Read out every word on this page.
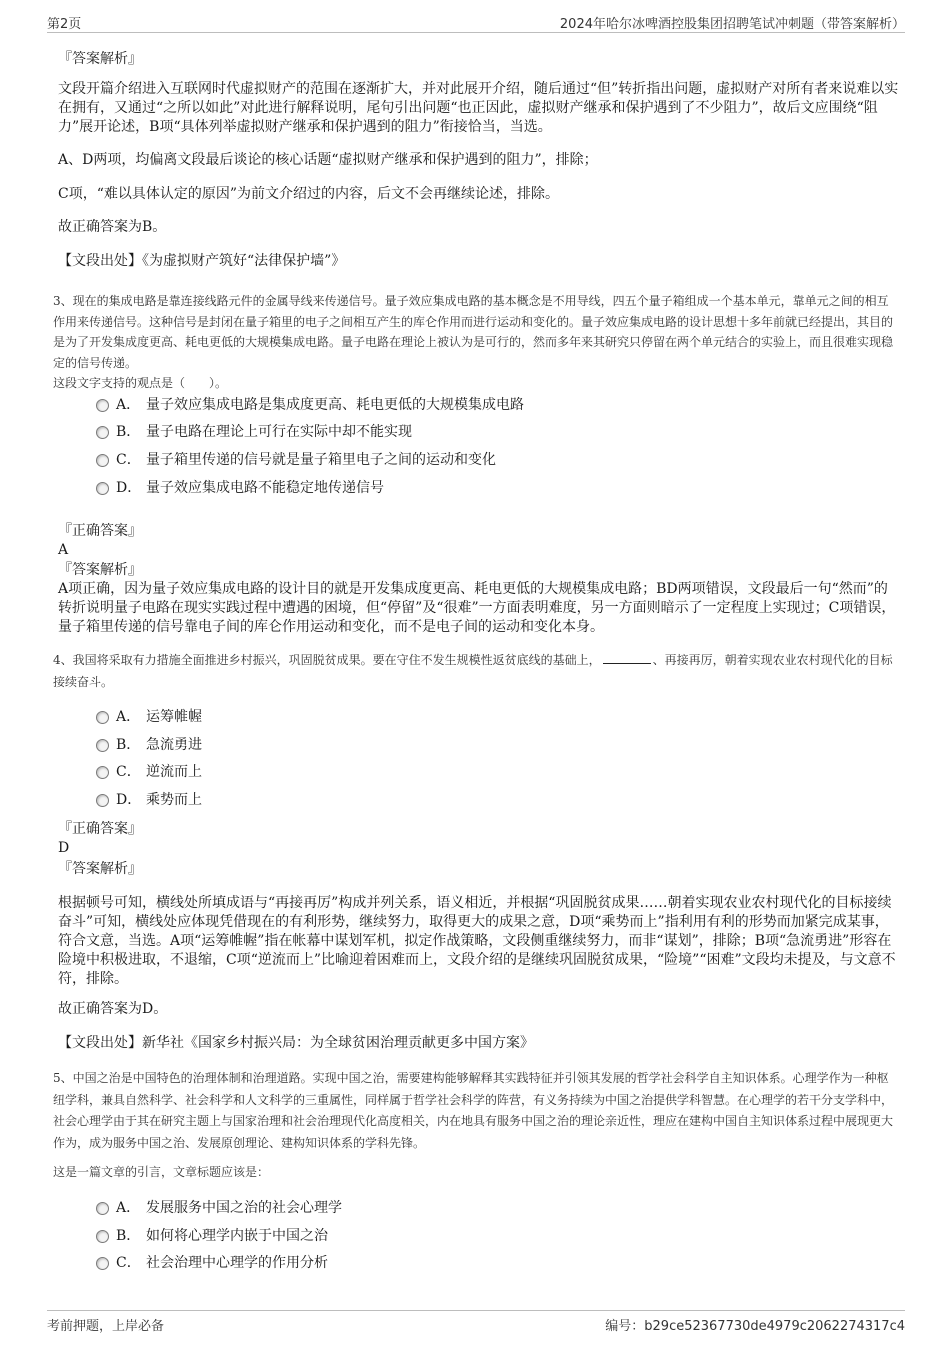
第2页	2024年哈尔冰啤酒控股集团招聘笔试冲刺题（带答案解析）
『答案解析』
文段开篇介绍进入互联网时代虚拟财产的范围在逐渐扩大，并对此展开介绍，随后通过“但”转折指出问题，虚拟财产对所有者来说难以实在拥有，又通过“之所以如此”对此进行解释说明，尾句引出问题“也正因此，虚拟财产继承和保护遇到了不少阻力”，故后文应围绕“阻力”展开论述，B项“具体列举虚拟财产继承和保护遇到的阻力”衔接恰当，当选。
A、D两项，均偏离文段最后谈论的核心话题“虚拟财产继承和保护遇到的阻力”，排除；
C项，“难以具体认定的原因”为前文介绍过的内容，后文不会再继续论述，排除。
故正确答案为B。
【文段出处】《为虚拟财产筑好“法律保护墙”》
3、现在的集成电路是靠连接线路元件的金属导线来传递信号。量子效应集成电路的基本概念是不用导线，四五个量子箱组成一个基本单元，靠单元之间的相互作用来传递信号。这种信号是封闭在量子箱里的电子之间相互产生的库仑作用而进行运动和变化的。量子效应集成电路的设计思想十多年前就已经提出，其目的是为了开发集成度更高、耗电更低的大规模集成电路。量子电路在理论上被认为是可行的，然而多年来其研究只停留在两个单元结合的实验上，而且很难实现稳定的信号传递。
这段文字支持的观点是（　　）。
A． 量子效应集成电路是集成度更高、耗电更低的大规模集成电路
B． 量子电路在理论上可行在实际中却不能实现
C． 量子箱里传递的信号就是量子箱里电子之间的运动和变化
D． 量子效应集成电路不能稳定地传递信号
『正确答案』
A
『答案解析』
A项正确，因为量子效应集成电路的设计目的就是开发集成度更高、耗电更低的大规模集成电路；BD两项错误，文段最后一句“然而”的转折说明量子电路在现实实践过程中遭遇的困境，但“停留”及“很难”一方面表明难度，另一方面则暗示了一定程度上实现过；C项错误，量子箱里传递的信号靠电子间的库仑作用运动和变化，而不是电子间的运动和变化本身。
4、我国将采取有力措施全面推进乡村振兴，巩固脱贫成果。要在守住不发生规模性返贫底线的基础上，	、再接再厉，朝着实现农业农村现代化的目标接续奋斗。
A． 运筹帷幄
B． 急流勇进
C． 逆流而上
D． 乘势而上
『正确答案』
D
『答案解析』
根据顿号可知，横线处所填成语与“再接再厉”构成并列关系，语义相近，并根据“巩固脱贫成果……朝着实现农业农村现代化的目标接续奋斗”可知，横线处应体现凭借现在的有利形势，继续努力，取得更大的成果之意，D项“乘势而上”指利用有利的形势而加紧完成某事，符合文意，当选。A项“运筹帷幄”指在帐幕中谋划军机，拟定作战策略，文段侧重继续努力，而非“谋划”，排除；B项“急流勇进”形容在险境中积极进取，不退缩，C项“逆流而上”比喻迎着困难而上，文段介绍的是继续巩固脱贫成果，“险境”“困难”文段均未提及，与文意不符，排除。
故正确答案为D。
【文段出处】新华社《国家乡村振兴局：为全球贫困治理贡献更多中国方案》
5、中国之治是中国特色的治理体制和治理道路。实现中国之治，需要建构能够解释其实践特征并引领其发展的哲学社会科学自主知识体系。心理学作为一种枢纽学科，兼具自然科学、社会科学和人文科学的三重属性，同样属于哲学社会科学的阵营，有义务持续为中国之治提供学科智慧。在心理学的若干分支学科中，社会心理学由于其在研究主题上与国家治理和社会治理现代化高度相关，内在地具有服务中国之治的理论亲近性，理应在建构中国自主知识体系过程中展现更大作为，成为服务中国之治、发展原创理论、建构知识体系的学科先锋。
这是一篇文章的引言，文章标题应该是：
A． 发展服务中国之治的社会心理学
B． 如何将心理学内嵌于中国之治
C． 社会治理中心理学的作用分析
考前押题，上岸必备	编号：b29ce52367730de4979c2062274317c4
